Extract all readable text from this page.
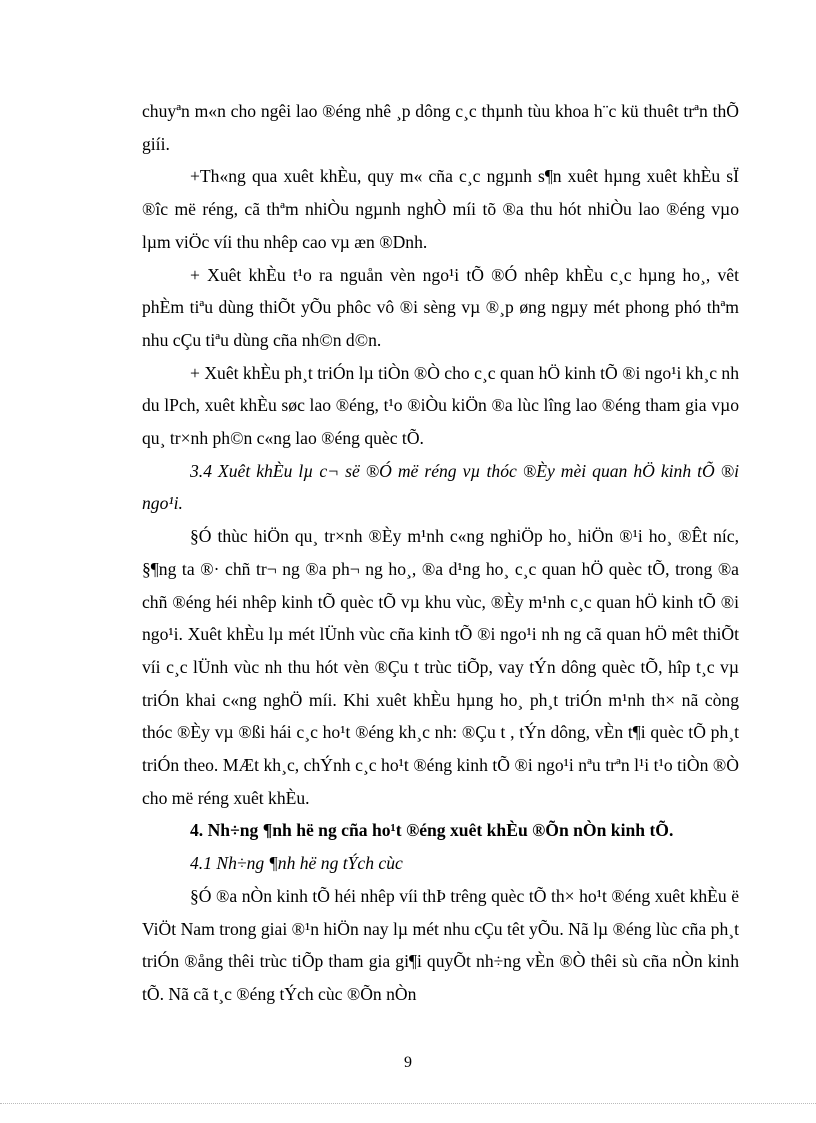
chuyªn m«n cho ngêi lao ®éng nhê ¸p dông c¸c thµnh tùu khoa h¨c kü thuêt trªn thÕ giíi.

+Th«ng qua xuêt khÈu, quy m« cña c¸c ngµnh s¶n xuêt hµng xuêt khÈu sÏ ®îc më réng, cã thªm nhiÒu ngµnh nghÒ míi tõ ®a thu hót nhiÒu lao ®éng vµo lµm viÖc víi thu nhêp cao vµ æn ®Dnh.

+ Xuêt khÈu t¹o ra nguån vèn ngo¹i tÕ ®Ó nhêp khÈu c¸c hµng ho¸, vêt phÈm tiªu dùng thiÕt yÕu phôc vô ®i sèng vµ ®¸p øng ngµy mét phong phó thªm nhu cÇu tiªu dùng cña nh©n d©n.

+ Xuêt khÈu ph¸t triÓn lµ tiÒn ®Ò cho c¸c quan hÖ kinh tÕ ®i ngo¹i kh¸c nh du lPch, xuêt khÈu søc lao ®éng, t¹o ®iÒu kiÖn ®a lùc lîng lao ®éng tham gia vµo qu¸ tr×nh ph©n c«ng lao ®éng quèc tÕ.

3.4 Xuêt khÈu lµ c¬ së ®Ó më réng vµ thóc ®Èy mèi quan hÖ kinh tÕ ®i ngo¹i.

§Ó thùc hiÖn qu¸ tr×nh ®Èy m¹nh c«ng nghiÖp ho¸ hiÖn ®¹i ho¸ ®Êt níc, §¶ng ta ®· chñ tr¬ ng ®a ph¬ ng ho¸, ®a d¹ng ho¸ c¸c quan hÖ quèc tÕ, trong ®a chñ ®éng héi nhêp kinh tÕ quèc tÕ vµ khu vùc, ®Èy m¹nh c¸c quan hÖ kinh tÕ ®i ngo¹i. Xuêt khÈu lµ mét lÜnh vùc cña kinh tÕ ®i ngo¹i nh ng cã quan hÖ mêt thiÕt víi c¸c lÜnh vùc nh thu hót vèn ®Çu t trùc tiÕp, vay tÝn dông quèc tÕ, hîp t¸c vµ triÓn khai c«ng nghÖ míi. Khi xuêt khÈu hµng ho¸ ph¸t triÓn m¹nh th× nã còng thóc ®Èy vµ ®ßi hái c¸c ho¹t ®éng kh¸c nh: ®Çu t , tÝn dông, vÈn t¶i quèc tÕ ph¸t triÓn theo. MÆt kh¸c, chÝnh c¸c ho¹t ®éng kinh tÕ ®i ngo¹i nªu trªn l¹i t¹o tiÒn ®Ò cho më réng xuêt khÈu.

4. Nh÷ng ¶nh hë ng cña ho¹t ®éng xuêt khÈu ®Õn nÒn kinh tÕ.

4.1 Nh÷ng ¶nh hë ng tÝch cùc

§Ó ®a nÒn kinh tÕ héi nhêp víi thÞ trêng quèc tÕ th× ho¹t ®éng xuêt khÈu ë ViÖt Nam trong giai ®¹n hiÖn nay lµ mét nhu cÇu têt yÕu. Nã lµ ®éng lùc cña ph¸t triÓn ®ång thêi trùc tiÕp tham gia gi¶i quyÕt nh÷ng vÈn ®Ò thêi sù cña nÒn kinh tÕ. Nã cã t¸c ®éng tÝch cùc ®Õn nÒn

9
